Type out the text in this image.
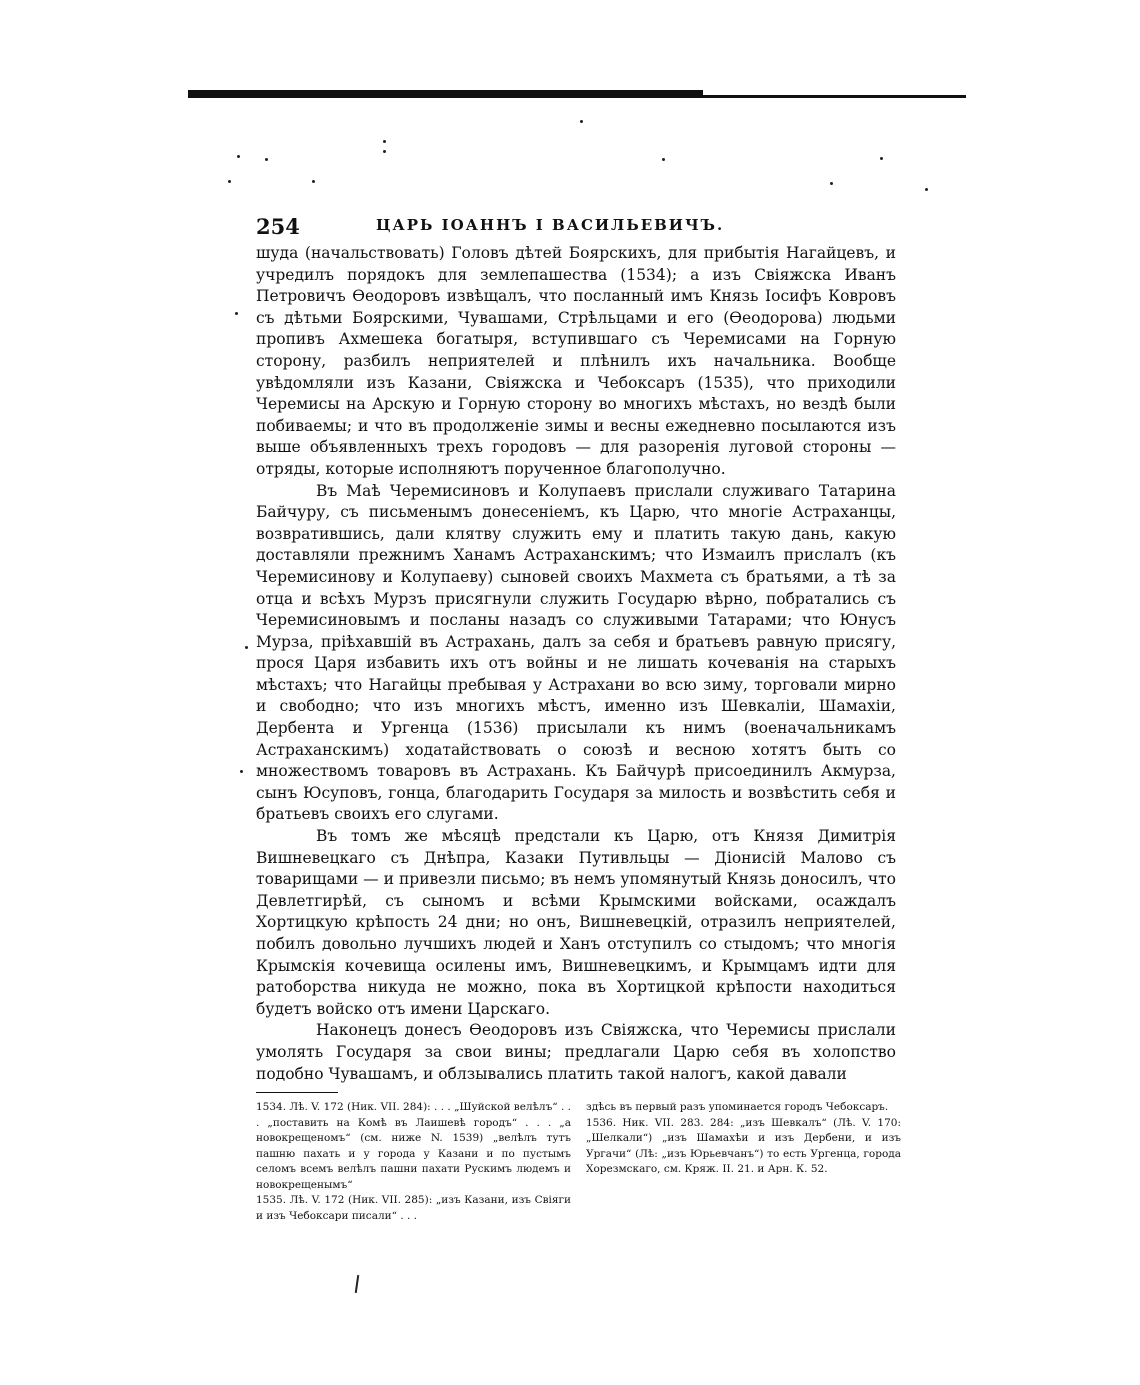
254	ЦАРЬ ІОАННЪ І ВАСИЛЬЕВИЧЪ.

шуда (начальствовать) Головъ дѣтей Боярскихъ, для прибытія Нагайцевъ, и учредилъ порядокъ для землепашества (1534); а изъ Свіяжска Иванъ Петровичъ Ѳеодоровъ извѣщалъ, что посланный имъ Князь Іосифъ Ковровъ съ дѣтьми Боярскими, Чувашами, Стрѣльцами и его (Ѳеодорова) людьми пропивъ Ахмешека богатыря, вступившаго съ Черемисами на Горную сторону, разбилъ неприятелей и плѣнилъ ихъ начальника. Вообще увѣдомляли изъ Казани, Свіяжска и Чебоксаръ (1535), что приходили Черемисы на Арскую и Горную сторону во многихъ мѣстахъ, но вездѣ были побиваемы; и что въ продолженіе зимы и весны ежедневно посылаются изъ выше объявленныхъ трехъ городовъ — для разоренія луговой стороны — отряды, которые исполняютъ порученное благополучно.

Въ Маѣ Черемисиновъ и Колупаевъ прислали служиваго Татарина Байчуру, съ письменымъ донесеніемъ, къ Царю, что многіе Астраханцы, возвратившись, дали клятву служить ему и платить такую дань, какую доставляли прежнимъ Ханамъ Астраханскимъ; что Измаилъ прислалъ (къ Черемисинову и Колупаеву) сыновей своихъ Махмета съ братьями, а тѣ за отца и всѣхъ Мурзъ присягнули служить Государю вѣрно, побратались съ Черемисиновымъ и посланы назадъ со служивыми Татарами; что Юнусъ Мурза, пріѣхавшій въ Астрахань, далъ за себя и братьевъ равную присягу, прося Царя избавить ихъ отъ войны и не лишать кочеванія на старыхъ мѣстахъ; что Нагайцы пребывая у Астрахани во всю зиму, торговали мирно и свободно; что изъ многихъ мѣстъ, именно изъ Шевкаліи, Шамахіи, Дербента и Ургенца (1536) присылали къ нимъ (военачальникамъ Астраханскимъ) ходатайствовать о союзѣ и весною хотятъ быть со множествомъ товаровъ въ Астрахань. Къ Байчурѣ присоединилъ Акмурза, сынъ Юсуповъ, гонца, благодарить Государя за милость и возвѣстить себя и братьевъ своихъ его слугами.

Въ томъ же мѣсяцѣ предстали къ Царю, отъ Князя Димитрія Вишневецкаго съ Днѣпра, Казаки Путивльцы — Діонисій Малово съ товарищами — и привезли письмо; въ немъ упомянутый Князь доносилъ, что Девлетгирѣй, съ сыномъ и всѣми Крымскими войсками, осаждалъ Хортицкую крѣпость 24 дни; но онъ, Вишневецкій, отразилъ неприятелей, побилъ довольно лучшихъ людей и Ханъ отступилъ со стыдомъ; что многія Крымскія кочевища осилены имъ, Вишневецкимъ, и Крымцамъ идти для ратоборства никуда не можно, пока въ Хортицкой крѣпости находиться будетъ войско отъ имени Царскаго.

Наконецъ донесъ Ѳеодоровъ изъ Свіяжска, что Черемисы прислали умолять Государя за свои вины; предлагали Царю себя въ холопство подобно Чувашамъ, и облзывались платить такой налогъ, какой давали

1534. Лѣ. V. 172 (Ник. VII. 284): . . . „Шуйской велѣлъ“ . . . „поставить на Комѣ въ Лаишевѣ городъ“ . . . „а новокрещеномъ“ (см. ниже N. 1539) „велѣлъ тутъ пашню пахать и у города у Казани и по пустымъ селомъ всемъ велѣлъ пашни пахати Рускимъ людемъ и новокрещенымъ“

1535. Лѣ. V. 172 (Ник. VII. 285): „изъ Казани, изъ Свіяги и изъ Чебоксари писали“ . . .

здѣсь въ первый разъ упоминается городъ Чебоксаръ.

1536. Ник. VII. 283. 284: „изъ Шевкалъ“ (Лѣ. V. 170: „Шелкали“) „изъ Шамахѣи и изъ Дербени, и изъ Ургачи“ (Лѣ: „изъ Юрьевчанъ“) то есть Ургенца, города Хорезмскаго, см. Кряж. II. 21. и Арн. К. 52.
